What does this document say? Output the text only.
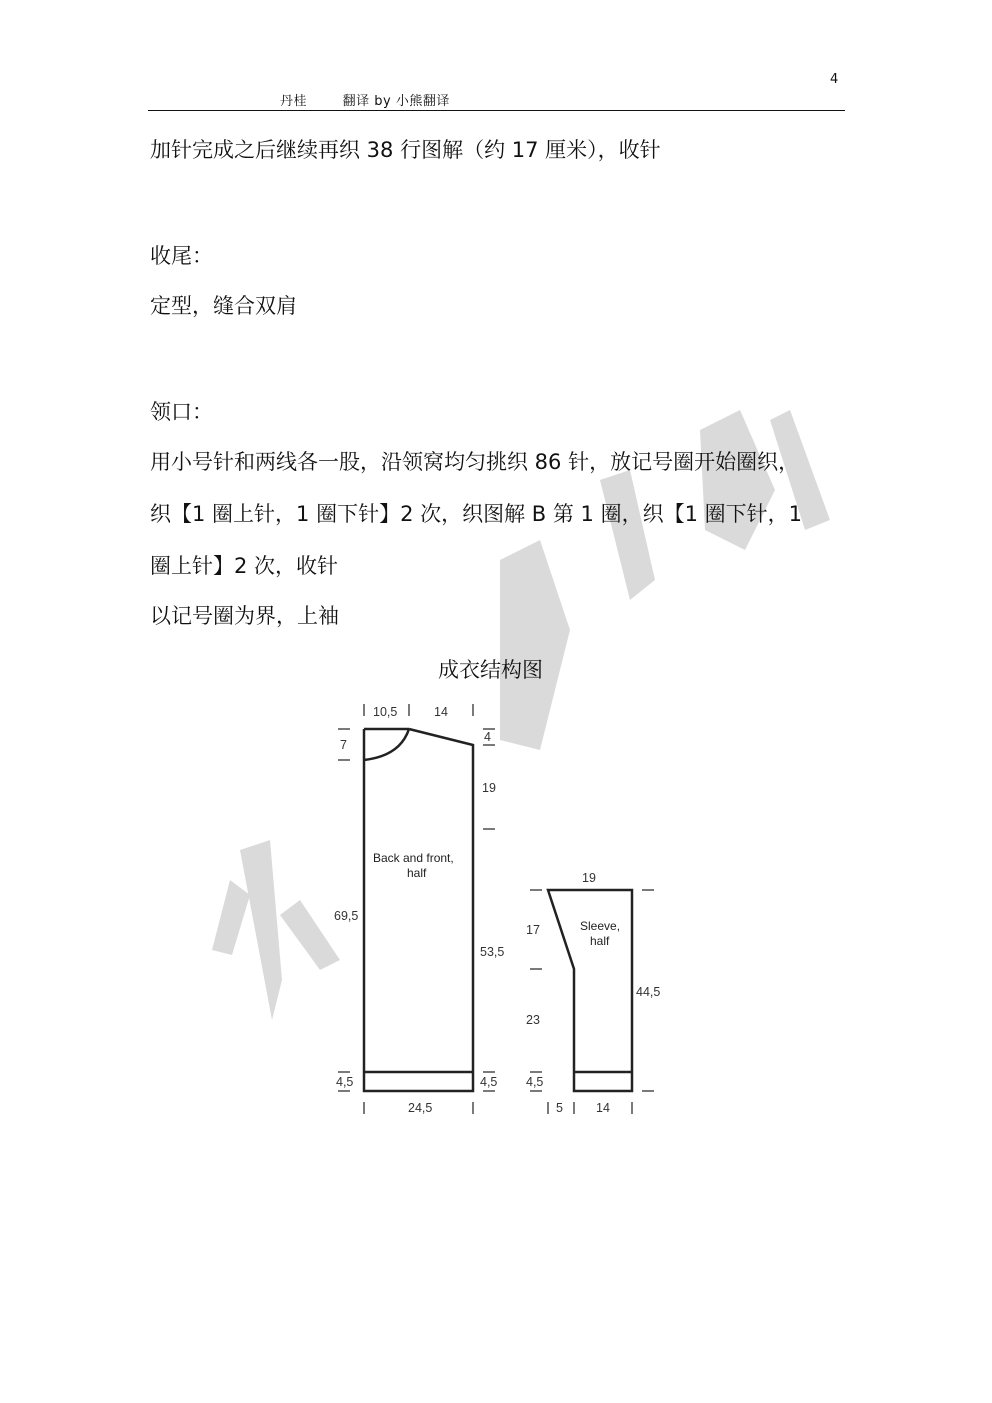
4
丹桂	翻译 by 小熊翻译
加针完成之后继续再织 38 行图解（约 17 厘米），收针
收尾：
定型，缝合双肩
领口：
用小号针和两线各一股，沿领窝均匀挑织 86 针，放记号圈开始圈织，
织【1 圈上针，1 圈下针】2 次，织图解 B 第 1 圈，织【1 圈下针，1
圈上针】2 次，收针
以记号圈为界，上袖
成衣结构图
10,5	14
7
4
19
69,5
53,5
4,5	4,5
24,5
Back and front,
half	19
17
23
44,5
4,5
5	14
Sleeve,
half
